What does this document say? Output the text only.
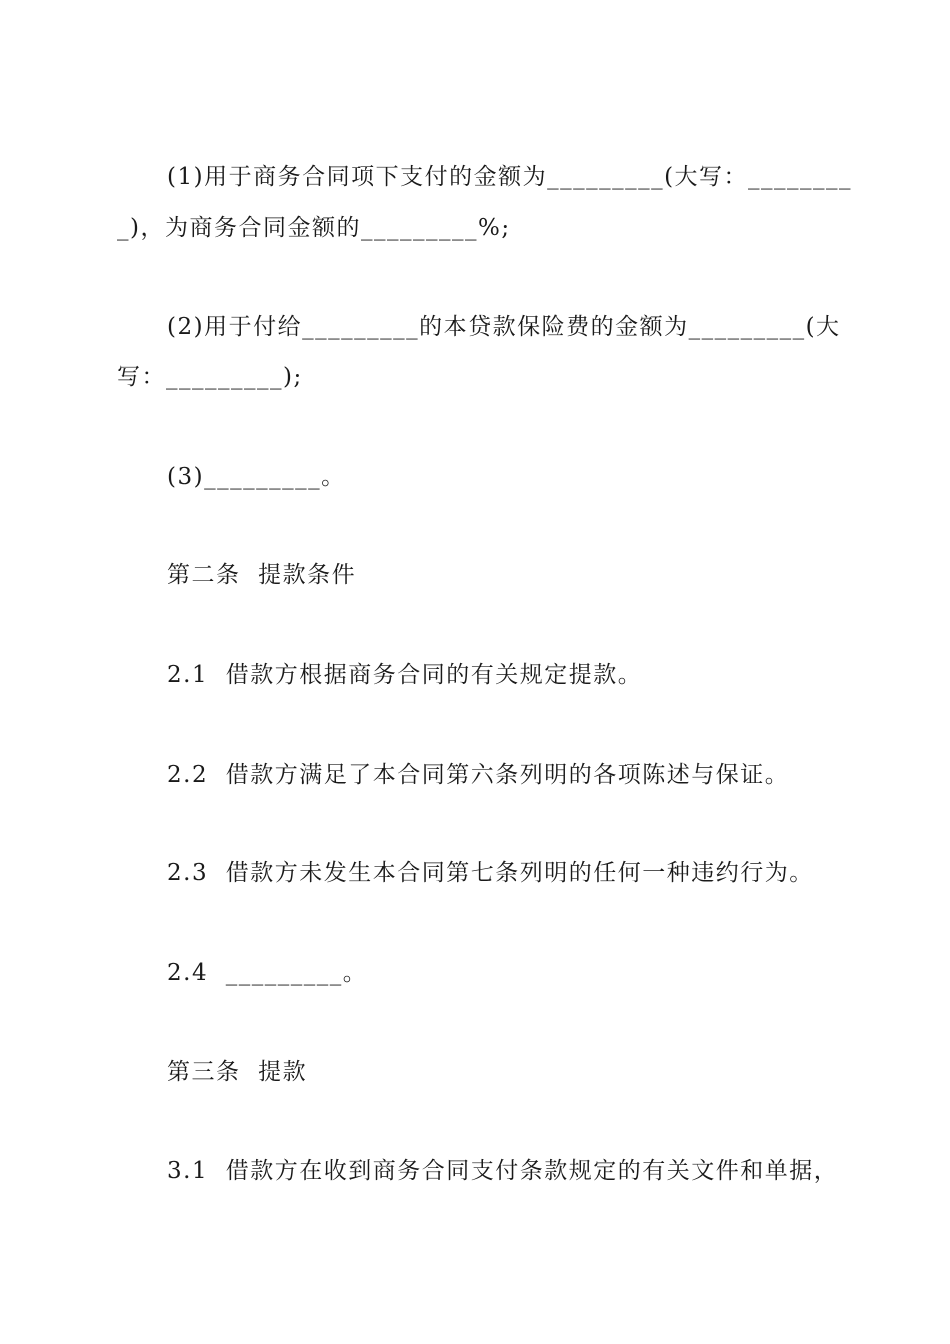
(1)用于商务合同项下支付的金额为_________(大写：________
_)，为商务合同金额的_________%;
(2)用于付给_________的本贷款保险费的金额为_________(大
写：_________);
(3)_________。
第二条  提款条件
2.1  借款方根据商务合同的有关规定提款。
2.2  借款方满足了本合同第六条列明的各项陈述与保证。
2.3  借款方未发生本合同第七条列明的任何一种违约行为。
2.4  _________。
第三条  提款
3.1  借款方在收到商务合同支付条款规定的有关文件和单据，
